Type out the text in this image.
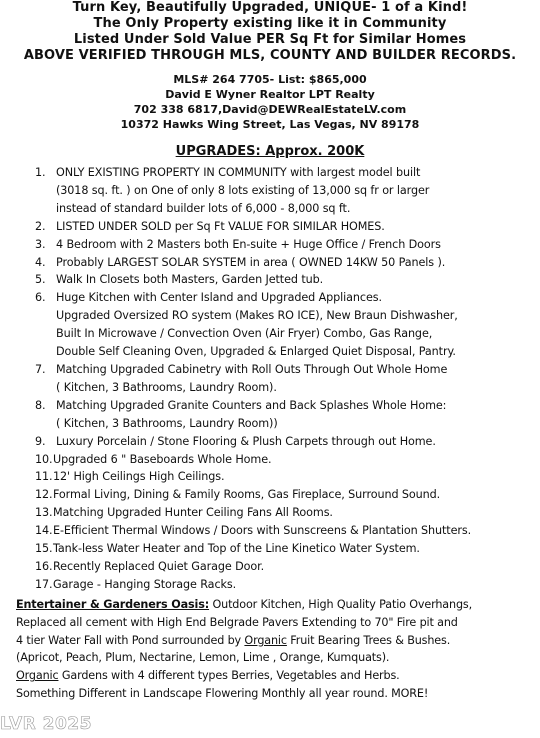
Turn Key, Beautifully Upgraded, UNIQUE- 1 of a Kind!
The Only Property existing like it in Community
Listed Under Sold Value PER Sq Ft for Similar Homes
ABOVE VERIFIED THROUGH MLS, COUNTY AND BUILDER RECORDS.
MLS# 264 7705- List: $865,000
David E Wyner Realtor LPT Realty
702 338 6817,David@DEWRealEstateLV.com
10372 Hawks Wing Street, Las Vegas, NV 89178
UPGRADES: Approx. 200K
1. ONLY EXISTING PROPERTY IN COMMUNITY with largest model built
(3018 sq. ft. ) on One of only 8 lots existing of 13,000 sq fr or larger
instead of standard builder lots of 6,000 - 8,000 sq ft.
2. LISTED UNDER SOLD per Sq Ft VALUE FOR SIMILAR HOMES.
3. 4 Bedroom with 2 Masters both En-suite + Huge Office / French Doors
4. Probably LARGEST SOLAR SYSTEM in area ( OWNED 14KW 50 Panels ).
5. Walk In Closets both Masters, Garden Jetted tub.
6. Huge Kitchen with Center Island and Upgraded Appliances.
Upgraded Oversized RO system (Makes RO ICE), New Braun Dishwasher,
Built In Microwave / Convection Oven (Air Fryer) Combo, Gas Range,
Double Self Cleaning Oven, Upgraded & Enlarged Quiet Disposal, Pantry.
7. Matching Upgraded Cabinetry with Roll Outs Through Out Whole Home
( Kitchen, 3 Bathrooms, Laundry Room).
8. Matching Upgraded Granite Counters and Back Splashes Whole Home:
( Kitchen, 3 Bathrooms, Laundry Room))
9. Luxury Porcelain / Stone Flooring & Plush Carpets through out Home.
10. Upgraded 6 " Baseboards Whole Home.
11. 12' High Ceilings High Ceilings.
12. Formal Living, Dining & Family Rooms, Gas Fireplace, Surround Sound.
13. Matching Upgraded Hunter Ceiling Fans All Rooms.
14. E-Efficient Thermal Windows / Doors with Sunscreens & Plantation Shutters.
15. Tank-less Water Heater and Top of the Line Kinetico Water System.
16. Recently Replaced Quiet Garage Door.
17. Garage - Hanging Storage Racks.
Entertainer & Gardeners Oasis: Outdoor Kitchen, High Quality Patio Overhangs,
Replaced all cement with High End Belgrade Pavers Extending to 70" Fire pit and
4 tier Water Fall with Pond surrounded by Organic Fruit Bearing Trees & Bushes.
(Apricot, Peach, Plum, Nectarine, Lemon, Lime , Orange, Kumquats).
Organic Gardens with 4 different types Berries, Vegetables and Herbs.
Something Different in Landscape Flowering Monthly all year round. MORE!
LVR 2025
